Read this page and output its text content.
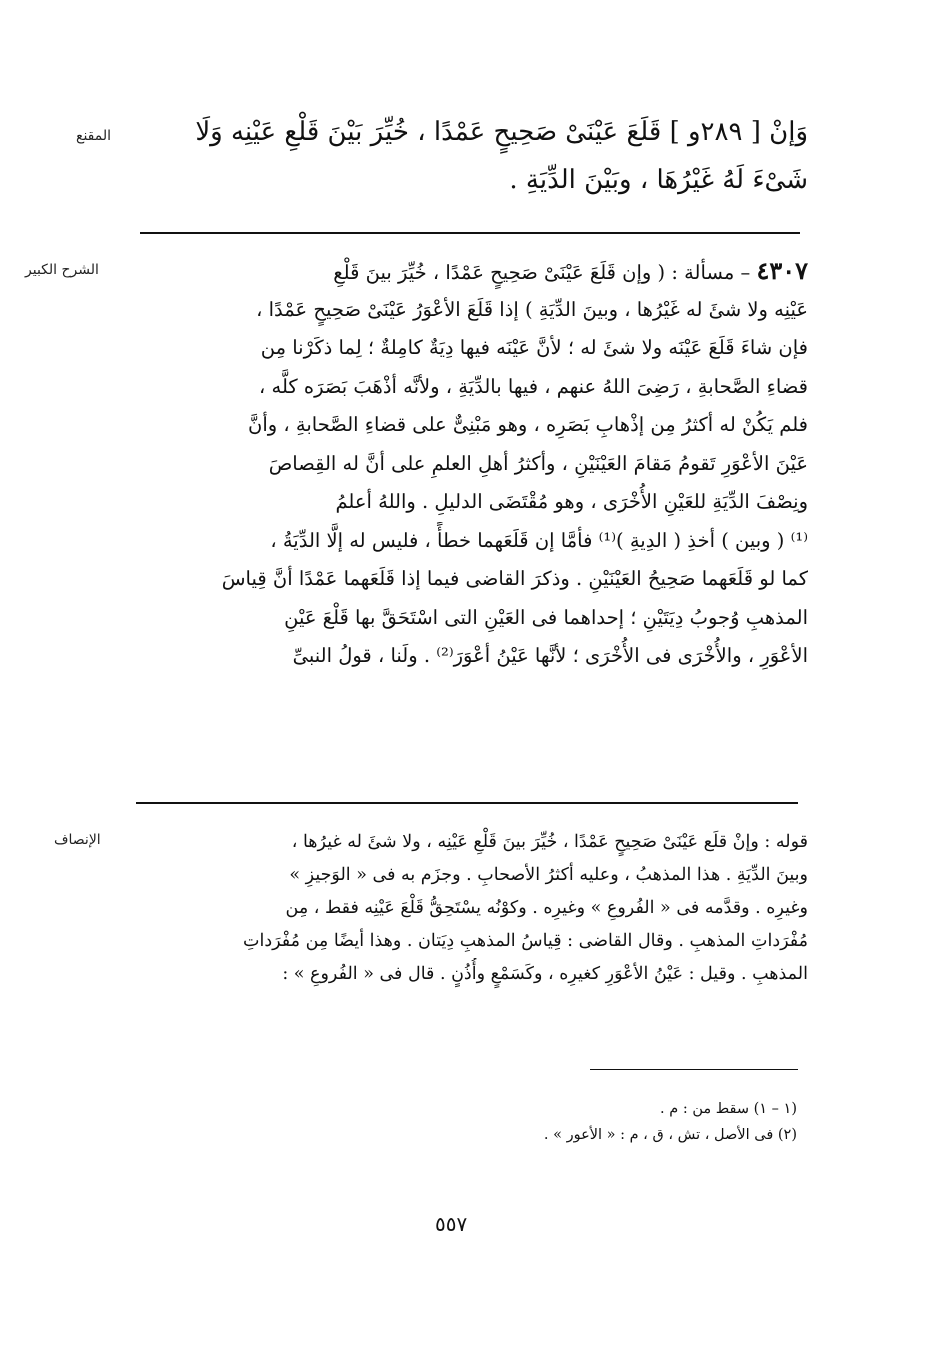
المقنع	وَإنْ [ ٢٨٩و ] قَلَعَ عَيْنَىْ صَحِيحٍ عَمْدًا ، خُيِّرَ بَيْنَ قَلْعِ عَيْنِه وَلَا
شَىْءَ لَهُ غَيْرُهَا ، وبَيْنَ الدِّيَةِ .
الشرح الكبير	٤٣٠٧ – مسألة : ( وإن قَلَعَ عَيْنَىْ صَحِيحٍ عَمْدًا ، خُيِّرَ بينَ قَلْعِ
عَيْنِه ولا شئَ له غَيْرُها ، وبينَ الدِّيَةِ ) إذا قَلَعَ الأعْوَرُ عَيْنَىْ صَحِيحٍ عَمْدًا ،
فإن شاءَ قَلَعَ عَيْنَه ولا شئَ له ؛ لأنَّ عَيْنَه فيها دِيَةٌ كامِلةٌ ؛ لِما ذكَرْنا مِن
قضاءِ الصَّحابةِ ، رَضِىَ اللهُ عنهم ، فيها بالدِّيَةِ ، ولأنَّه أذْهَبَ بَصَرَه كلَّه ،
فلم يَكُنْ له أكثرُ مِن إذْهابِ بَصَرِه ، وهو مَبْنِىٌّ على قضاءِ الصَّحابةِ ، وأنَّ
عَيْنَ الأعْوَرِ تَقومُ مَقامَ العَيْنَيْنِ ، وأكثرُ أهلِ العلمِ على أنَّ له القِصاصَ
ونِصْفَ الدِّيَةِ للعَيْنِ الأُخْرَى ، وهو مُقْتَضَى الدليلِ . واللهُ أعلمُ
⁽¹⁾ ( وبين ) أخذِ ( الدِيةِ )⁽¹⁾ فأمَّا إن قَلَعَهما خطأً ، فليس له إلَّا الدِّيَةُ ،
كما لو قَلَعَهما صَحِيحُ العَيْنَيْنِ . وذكرَ القاضى فيما إذا قَلَعَهما عَمْدًا أنَّ قِياسَ
المذهبِ وُجوبُ دِيَتَيْنِ ؛ إحداهما فى العَيْنِ التى اسْتَحَقَّ بها قَلْعَ عَيْنِ
الأعْوَرِ ، والأُخْرَى فى الأُخْرَى ؛ لأنَّها عَيْنُ أعْوَرَ⁽²⁾ . ولَنا ، قولُ النبىِّ
الإنصاف	قوله : وإنْ قلَع عَيْنَىْ صَحِيحٍ عَمْدًا ، خُيِّرَ بينَ قَلْعِ عَيْنِه ، ولا شئَ له غيرُها ،
وبينَ الدِّيَةِ . هذا المذهبُ ، وعليه أكثرُ الأصحابِ . وجزَم به فى « الوَجيزِ »
وغيرِه . وقدَّمه فى « الفُروعِ » وغيرِه . وكوْنُه يسْتَحِقُّ قَلْعَ عَيْنِه فقط ، مِن
مُفْرَداتِ المذهبِ . وقال القاضى : قِياسُ المذهبِ دِيَتان . وهذا أيضًا مِن مُفْرَداتِ
المذهبِ . وقيل : عَيْنُ الأعْوَرِ كغيرِه ، وكَسَمْعٍ وأُذُنٍ . قال فى « الفُروعِ » :
(١ – ١) سقط من : م .
(٢) فى الأصل ، تش ، ق ، م : « الأعور » .
٥٥٧
